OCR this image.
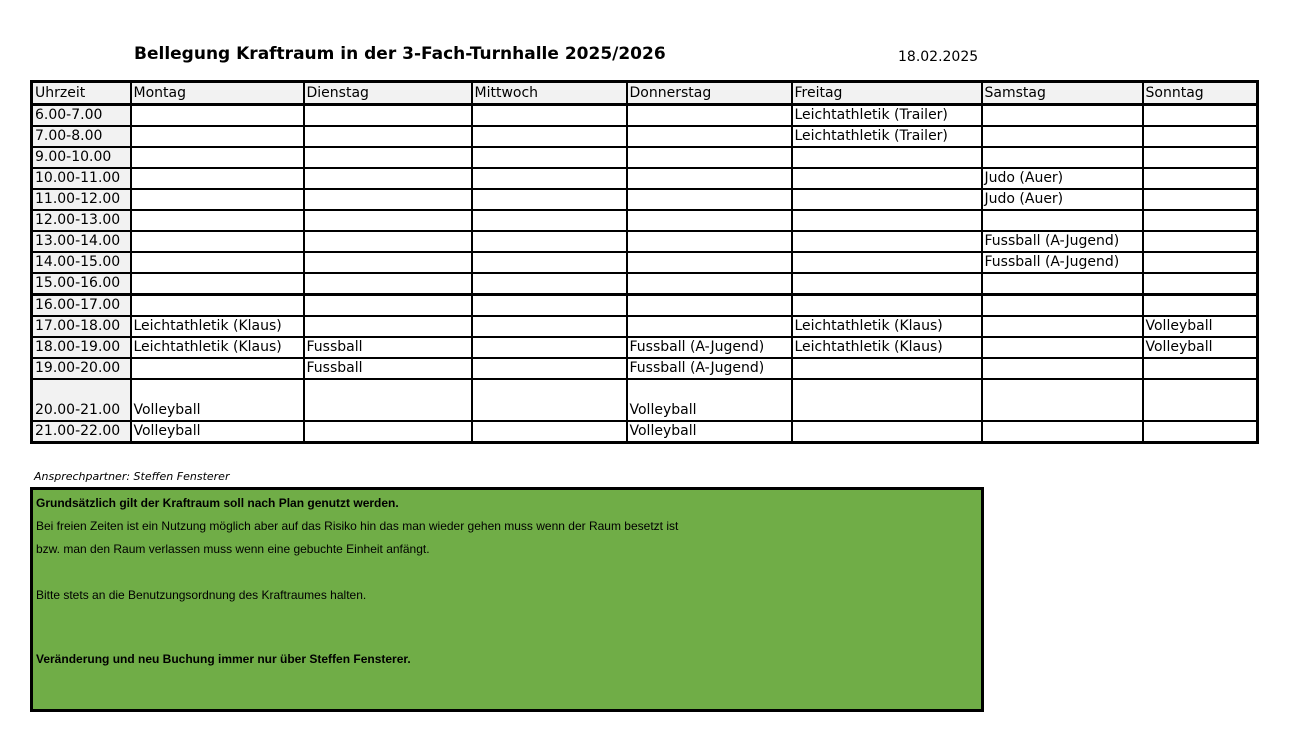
Bellegung Kraftraum in der 3-Fach-Turnhalle 2025/2026	18.02.2025
Uhrzeit	Montag	Dienstag	Mittwoch	Donnerstag	Freitag	Samstag	Sonntag
6.00-7.00					Leichtathletik (Trailer)		
7.00-8.00					Leichtathletik (Trailer)		
9.00-10.00							
10.00-11.00						Judo (Auer)	
11.00-12.00						Judo (Auer)	
12.00-13.00							
13.00-14.00						Fussball (A-Jugend)	
14.00-15.00						Fussball (A-Jugend)	
15.00-16.00							
16.00-17.00							
17.00-18.00	Leichtathletik (Klaus)				Leichtathletik (Klaus)		Volleyball
18.00-19.00	Leichtathletik (Klaus)	Fussball		Fussball (A-Jugend)	Leichtathletik (Klaus)		Volleyball
19.00-20.00		Fussball		Fussball (A-Jugend)			
20.00-21.00	Volleyball			Volleyball			
21.00-22.00	Volleyball			Volleyball			
Ansprechpartner: Steffen Fensterer
Grundsätzlich gilt der Kraftraum soll nach Plan genutzt werden.
Bei freien Zeiten ist ein Nutzung möglich aber auf das Risiko hin das man wieder gehen muss wenn der Raum besetzt ist
bzw. man den Raum verlassen muss wenn eine gebuchte Einheit anfängt.
Bitte stets an die Benutzungsordnung des Kraftraumes halten.
Veränderung und neu Buchung immer nur über Steffen Fensterer.
